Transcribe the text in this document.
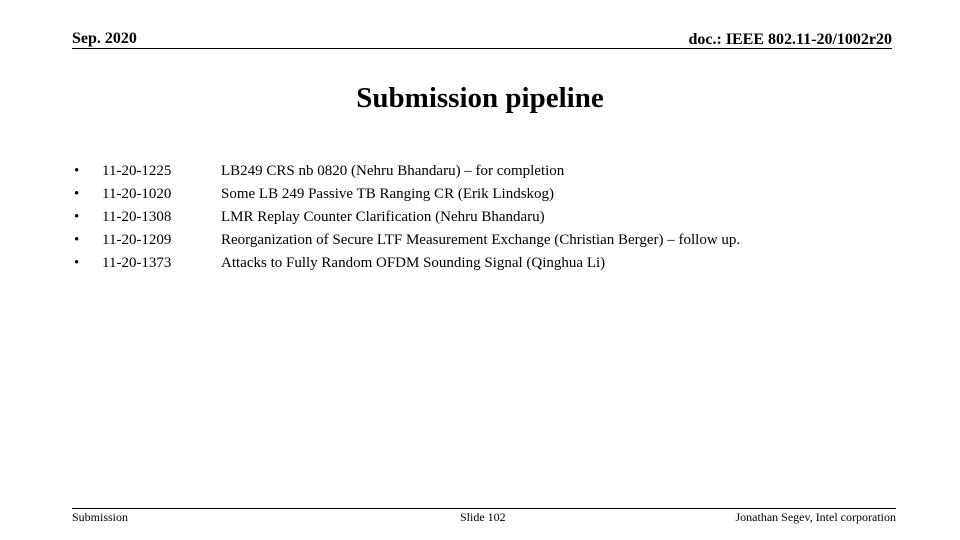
Sep. 2020	doc.: IEEE 802.11-20/1002r20
Submission pipeline
•	11-20-1225	LB249 CRS nb 0820 (Nehru Bhandaru) – for completion
•	11-20-1020	Some LB 249 Passive TB Ranging CR (Erik Lindskog)
•	11-20-1308	LMR Replay Counter Clarification (Nehru Bhandaru)
•	11-20-1209	Reorganization of Secure LTF Measurement Exchange (Christian Berger) – follow up.
•	11-20-1373	Attacks to Fully Random OFDM Sounding Signal (Qinghua Li)
Submission	Slide 102	Jonathan Segev, Intel corporation
